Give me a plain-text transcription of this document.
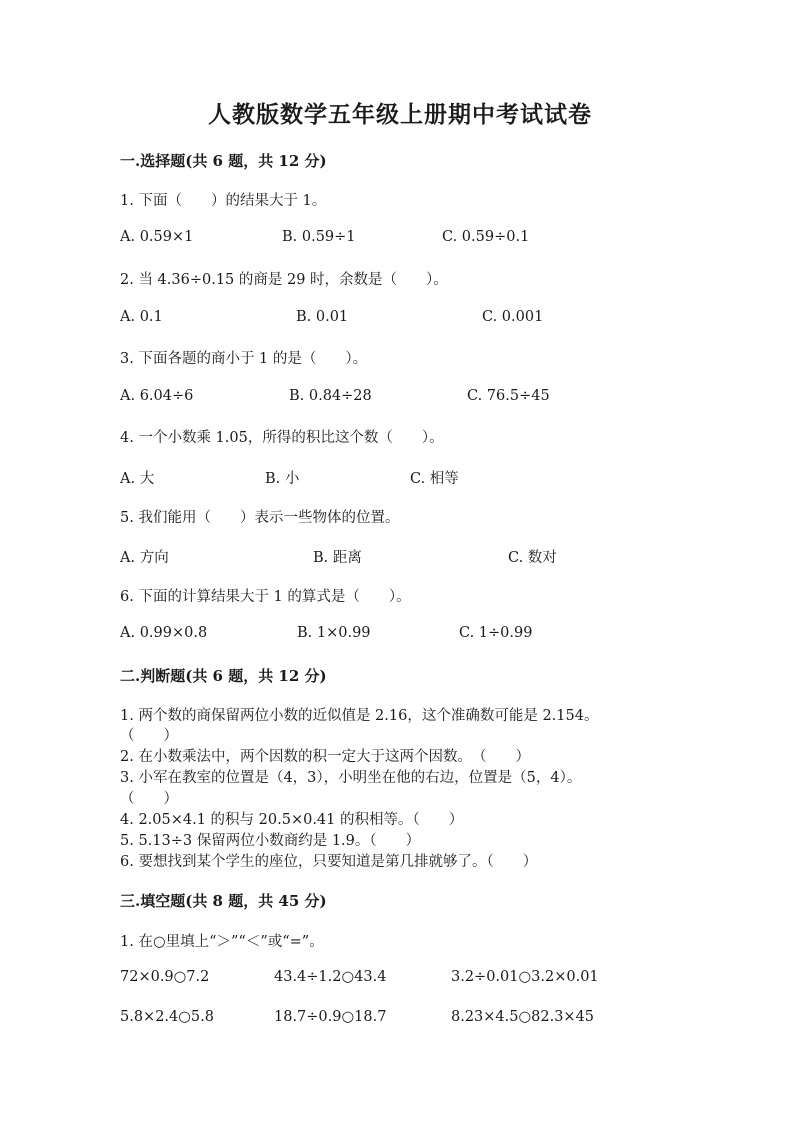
人教版数学五年级上册期中考试试卷
一.选择题(共 6 题，共 12 分)
1. 下面（　　）的结果大于 1。
A. 0.59×1	B. 0.59÷1	C. 0.59÷0.1
2. 当 4.36÷0.15 的商是 29 时，余数是（　　）。
A. 0.1	B. 0.01	C. 0.001
3. 下面各题的商小于 1 的是（　　）。
A. 6.04÷6	B. 0.84÷28	C. 76.5÷45
4. 一个小数乘 1.05，所得的积比这个数（　　）。
A. 大	B. 小	C. 相等
5. 我们能用（　　）表示一些物体的位置。
A. 方向	B. 距离	C. 数对
6. 下面的计算结果大于 1 的算式是（　　）。
A. 0.99×0.8	B. 1×0.99	C. 1÷0.99
二.判断题(共 6 题，共 12 分)
1. 两个数的商保留两位小数的近似值是 2.16，这个准确数可能是 2.154。
（　　）
2. 在小数乘法中，两个因数的积一定大于这两个因数。　（　　）
3. 小军在教室的位置是（4，3），小明坐在他的右边，位置是（5，4）。
（　　）
4. 2.05×4.1 的积与 20.5×0.41 的积相等。（　　）
5. 5.13÷3 保留两位小数商约是 1.9。（　　）
6. 要想找到某个学生的座位，只要知道是第几排就够了。（　　）
三.填空题(共 8 题，共 45 分)
1. 在○里填上“＞”“＜”或“=”。
72×0.9○7.2	43.4÷1.2○43.4	3.2÷0.01○3.2×0.01
5.8×2.4○5.8	18.7÷0.9○18.7	8.23×4.5○82.3×45
